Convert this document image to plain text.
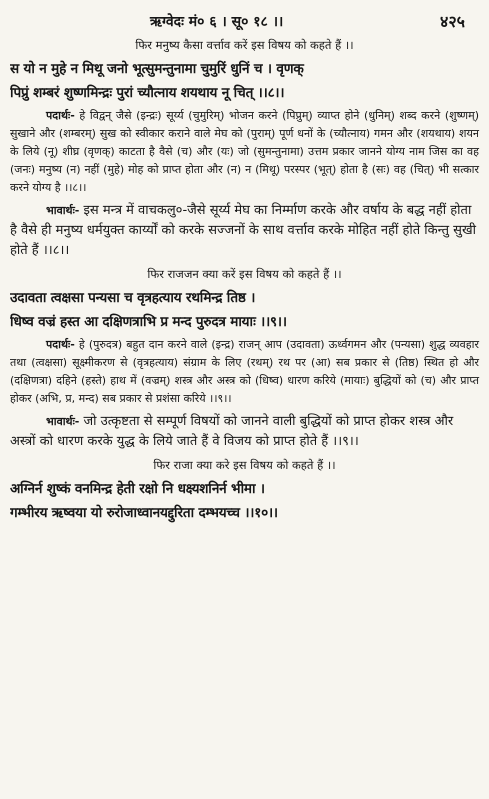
ऋग्वेदः मं० ६ । सू० १८ ।।	४२५
फिर मनुष्य कैसा वर्त्ताव करें इस विषय को कहते हैं ।।
स यो न मुहे न मिथू जनो भूत्सुमन्तुनामा चुमुरिं धुनिं च । वृणक्
पिप्रुं शम्बरं शुष्णमिन्द्रः पुरां च्यौत्नाय शयथाय नू चित् ।।८।।

पदार्थः- हे विद्वन् जैसे (इन्द्रः) सूर्य्य (चुमुरिम्) भोजन करने (पिप्रुम्) व्याप्त होने (धुनिम्) शब्द करने (शुष्णम्) सुखाने और (शम्बरम्) सुख को स्वीकार कराने वाले मेघ को (पुराम्) पूर्ण धनों के (च्यौत्नाय) गमन और (शयथाय) शयन के लिये (नू) शीघ्र (वृणक्) काटता है वैसे (च) और (यः) जो (सुमन्तुनामा) उत्तम प्रकार जानने योग्य नाम जिस का वह (जनः) मनुष्य (न) नहीं (मुहे) मोह को प्राप्त होता और (न) न (मिथू) परस्पर (भूत्) होता है (सः) वह (चित्) भी सत्कार करने योग्य है ।।८।।

भावार्थः- इस मन्त्र में वाचकलु०-जैसे सूर्य्य मेघ का निर्म्माण करके और वर्षाय के बद्ध नहीं होता है वैसे ही मनुष्य धर्मयुक्त कार्य्यों को करके सज्जनों के साथ वर्त्ताव करके मोहित नहीं होते किन्तु सुखी होते हैं ।।८।।

फिर राजजन क्या करें इस विषय को कहते हैं ।।
उदावता त्वक्षसा पन्यसा च वृत्रहत्याय रथमिन्द्र तिष्ठ ।
धिष्व वज्रं हस्त आ दक्षिणत्राभि प्र मन्द पुरुदत्र मायाः ।।९।।

पदार्थः- हे (पुरुदत्र) बहुत दान करने वाले (इन्द्र) राजन् आप (उदावता) ऊर्ध्वगमन और (पन्यसा) शुद्ध व्यवहार तथा (त्वक्षसा) सूक्ष्मीकरण से (वृत्रहत्याय) संग्राम के लिए (रथम्) रथ पर (आ) सब प्रकार से (तिष्ठ) स्थित हो और (दक्षिणत्रा) दहिने (हस्ते) हाथ में (वज्रम्) शस्त्र और अस्त्र को (धिष्व) धारण करिये (मायाः) बुद्धियों को (च) और प्राप्त होकर (अभि, प्र, मन्द) सब प्रकार से प्रशंसा करिये ।।९।।

भावार्थः- जो उत्कृष्टता से सम्पूर्ण विषयों को जानने वाली बुद्धियों को प्राप्त होकर शस्त्र और अस्त्रों को धारण करके युद्ध के लिये जाते हैं वे विजय को प्राप्त होते हैं ।।९।।

फिर राजा क्या करे इस विषय को कहते हैं ।।
अग्निर्न शुष्कं वनमिन्द्र हेती रक्षो नि धक्ष्यशनिर्न भीमा ।
गम्भीरय ऋष्वया यो रुरोजाध्वानयद्दुरिता दम्भयच्च ।।१०।।
